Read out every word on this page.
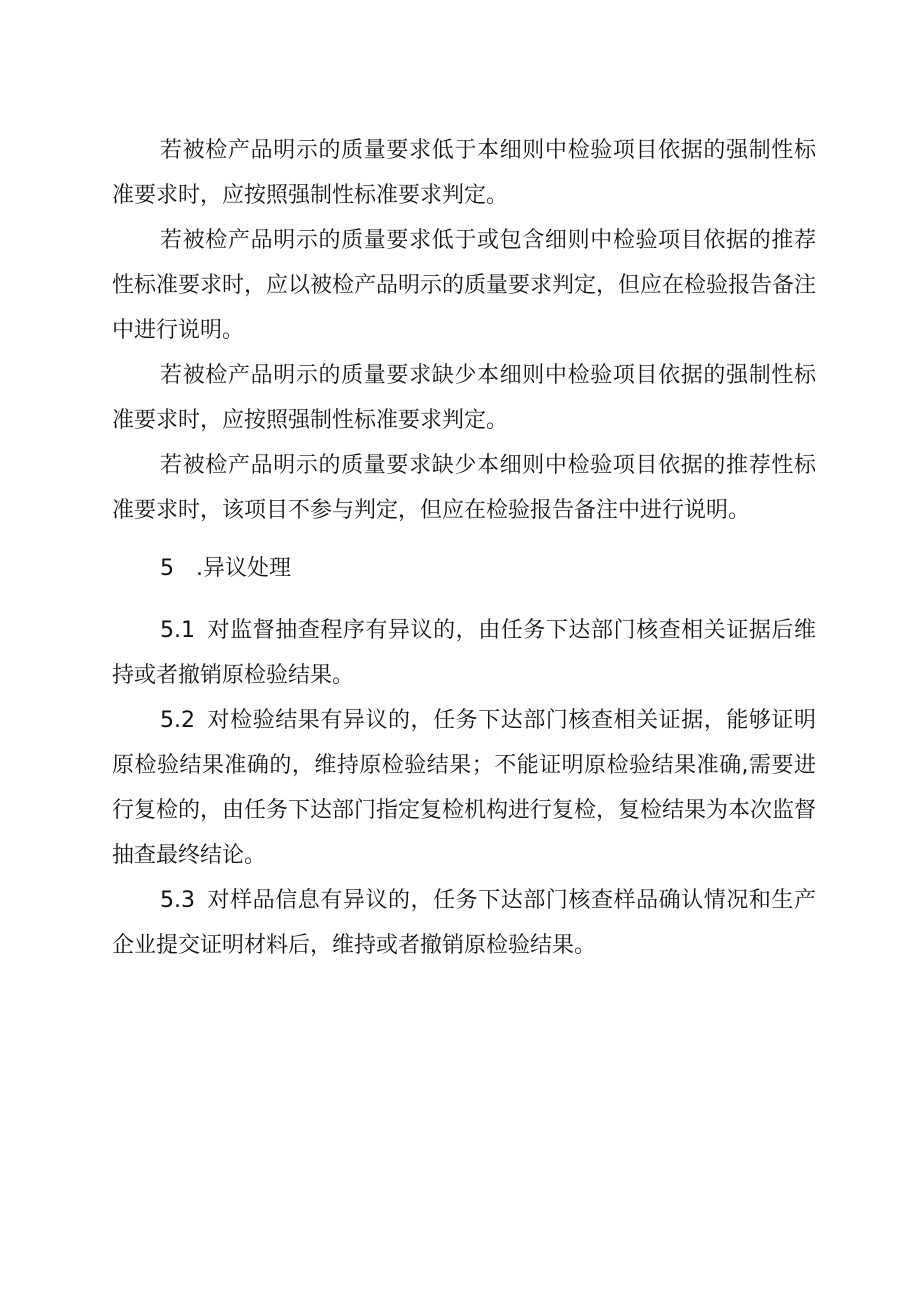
若被检产品明示的质量要求低于本细则中检验项目依据的强制性标准要求时，应按照强制性标准要求判定。

若被检产品明示的质量要求低于或包含细则中检验项目依据的推荐性标准要求时，应以被检产品明示的质量要求判定，但应在检验报告备注中进行说明。

若被检产品明示的质量要求缺少本细则中检验项目依据的强制性标准要求时，应按照强制性标准要求判定。

若被检产品明示的质量要求缺少本细则中检验项目依据的推荐性标准要求时，该项目不参与判定，但应在检验报告备注中进行说明。

5　.异议处理

5.1 对监督抽查程序有异议的，由任务下达部门核查相关证据后维持或者撤销原检验结果。

5.2 对检验结果有异议的，任务下达部门核查相关证据，能够证明原检验结果准确的，维持原检验结果；不能证明原检验结果准确,需要进行复检的，由任务下达部门指定复检机构进行复检，复检结果为本次监督抽查最终结论。

5.3 对样品信息有异议的，任务下达部门核查样品确认情况和生产企业提交证明材料后，维持或者撤销原检验结果。
